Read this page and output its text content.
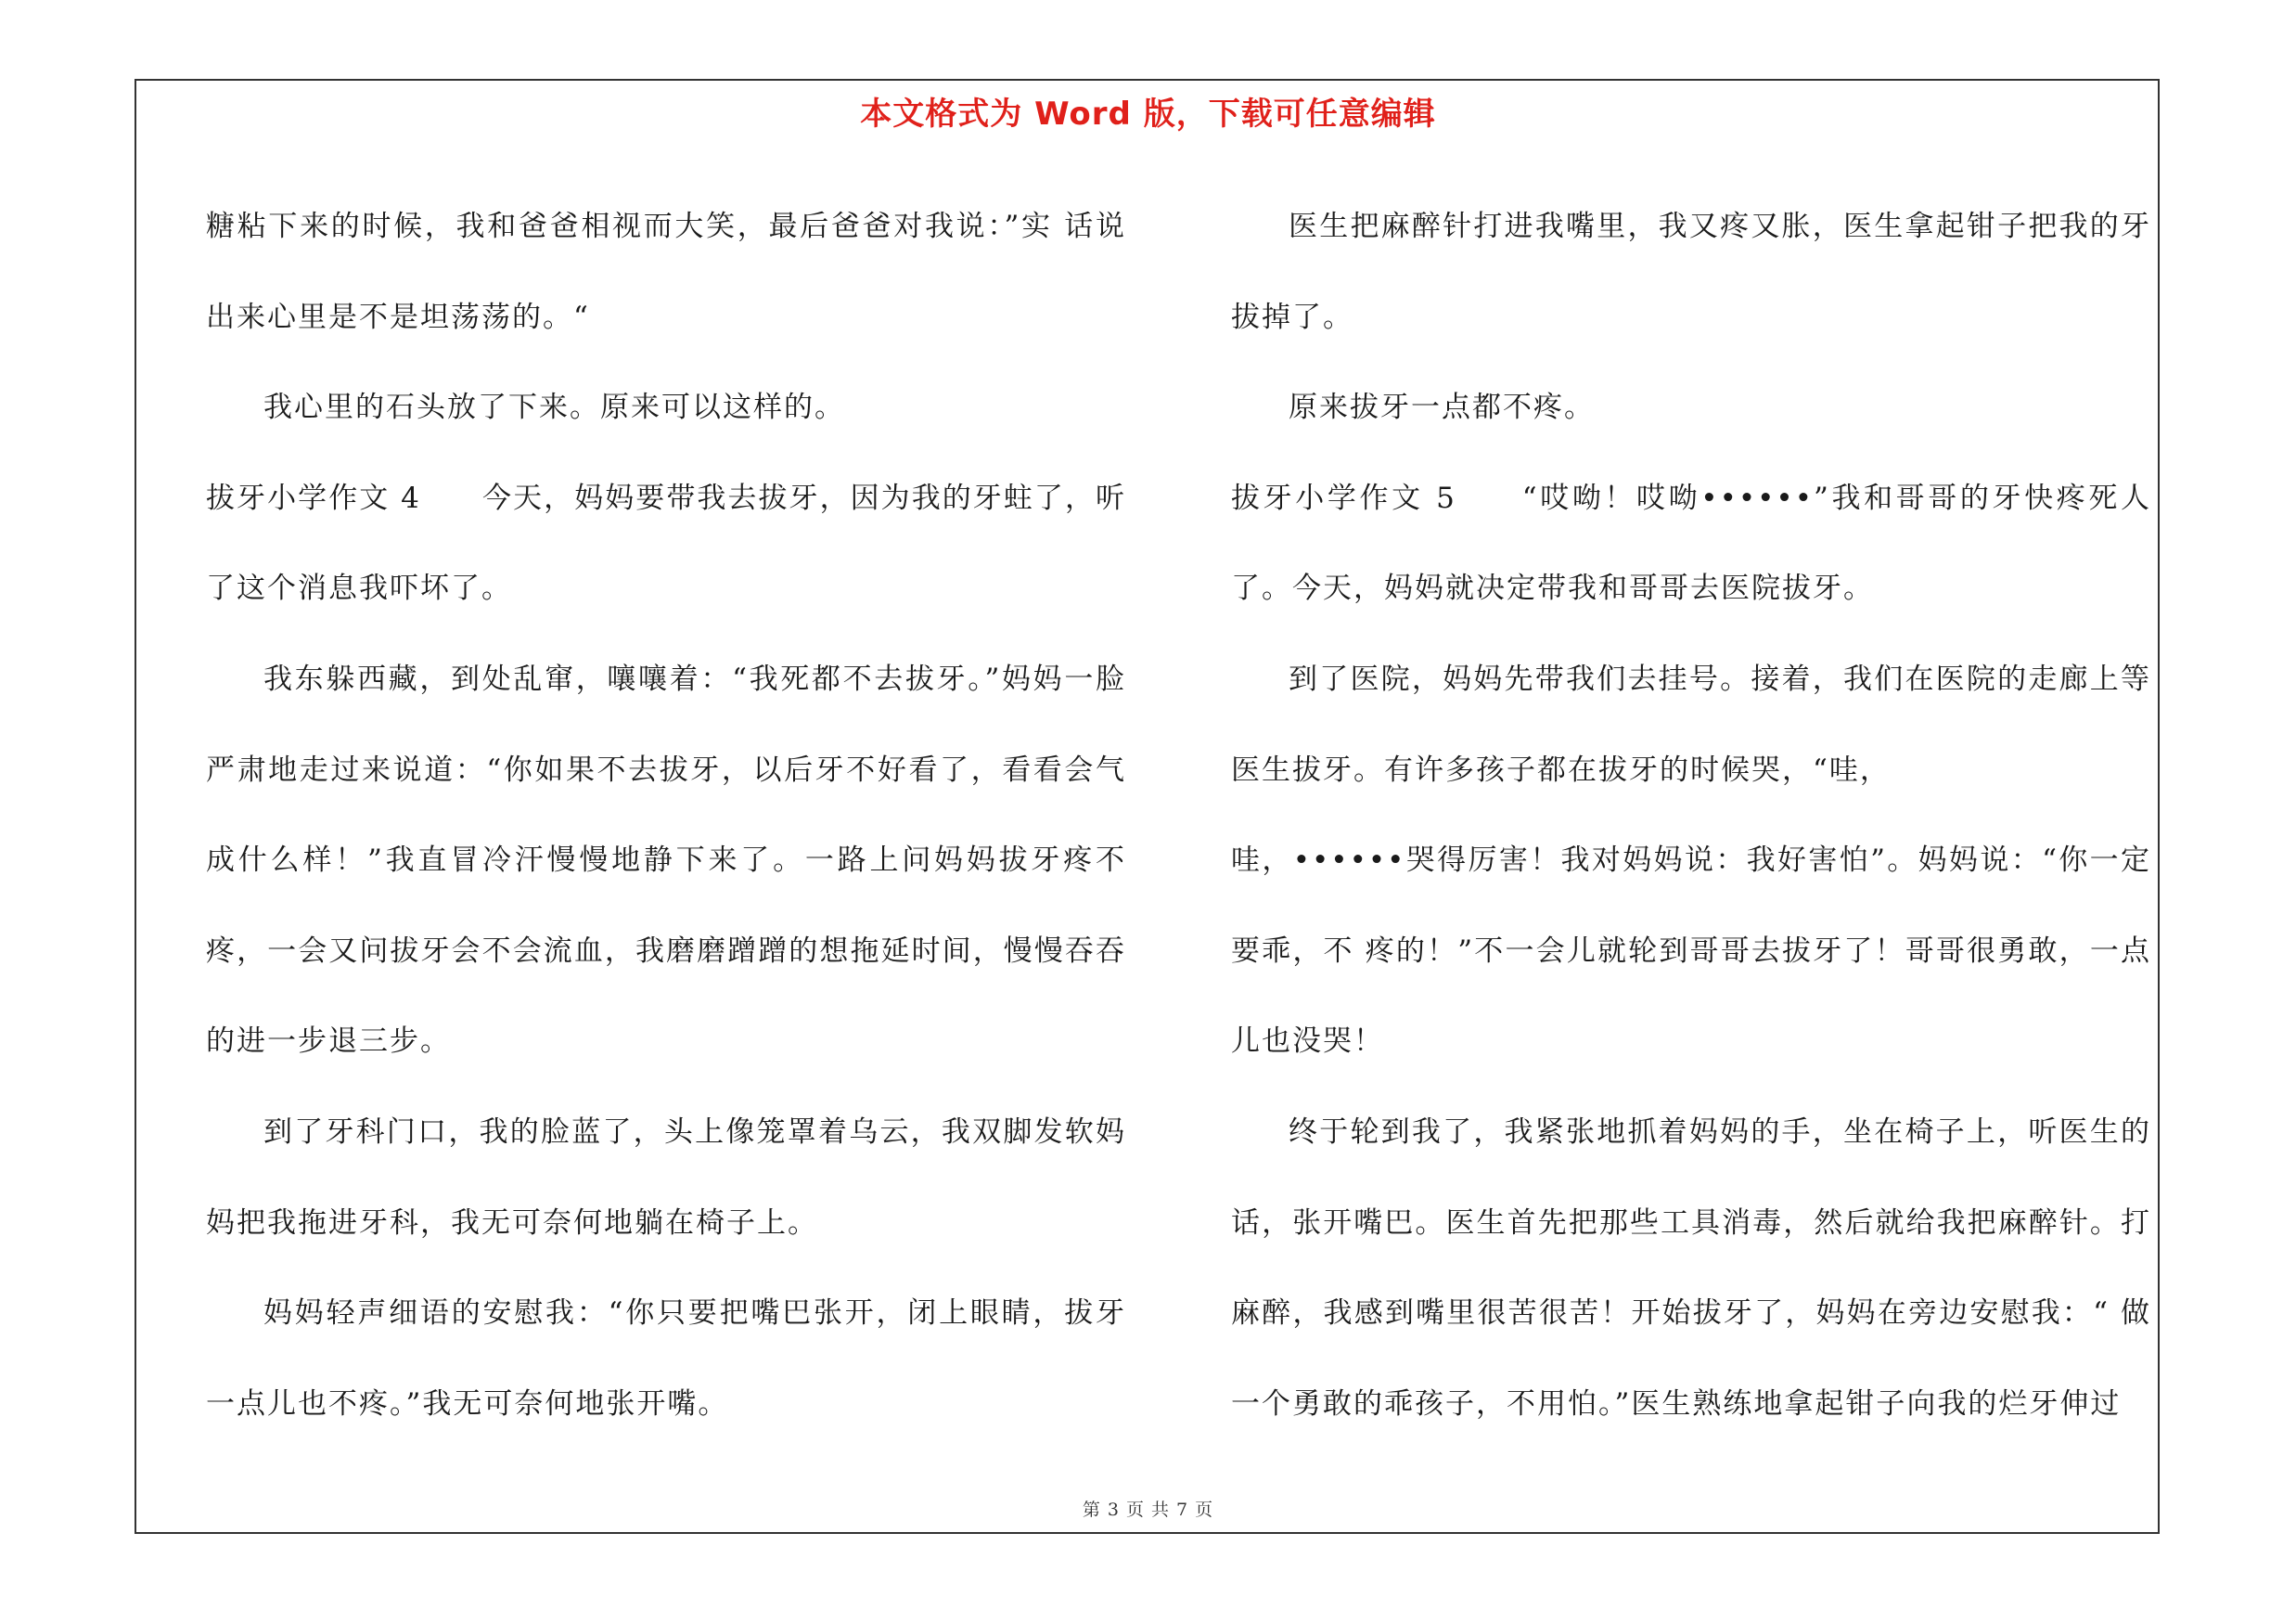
本文格式为 Word 版，下载可任意编辑

糖粘下来的时候，我和爸爸相视而大笑，最后爸爸对我说：”实 话说出来心里是不是坦荡荡的。“

我心里的石头放了下来。原来可以这样的。

拔牙小学作文 4　　今天，妈妈要带我去拔牙，因为我的牙蛀了，听了这个消息我吓坏了。

我东躲西藏，到处乱窜，嚷嚷着：“我死都不去拔牙。”妈妈一脸严肃地走过来说道：“你如果不去拔牙，以后牙不好看了，看看会气成什么样！”我直冒冷汗慢慢地静下来了。一路上问妈妈拔牙疼不疼，一会又问拔牙会不会流血，我磨磨蹭蹭的想拖延时间，慢慢吞吞的进一步退三步。

到了牙科门口，我的脸蓝了，头上像笼罩着乌云，我双脚发软妈妈把我拖进牙科，我无可奈何地躺在椅子上。

妈妈轻声细语的安慰我：“你只要把嘴巴张开，闭上眼睛，拔牙一点儿也不疼。”我无可奈何地张开嘴。

医生把麻醉针打进我嘴里，我又疼又胀，医生拿起钳子把我的牙拔掉了。

原来拔牙一点都不疼。

拔牙小学作文 5　　“哎呦！哎呦••••••”我和哥哥的牙快疼死人了。今天，妈妈就决定带我和哥哥去医院拔牙。

到了医院，妈妈先带我们去挂号。接着，我们在医院的走廊上等医生拔牙。有许多孩子都在拔牙的时候哭，“哇，

哇，••••••哭得厉害！我对妈妈说：我好害怕”。妈妈说：“你一定要乖，不 疼的！”不一会儿就轮到哥哥去拔牙了！哥哥很勇敢，一点儿也没哭！

终于轮到我了，我紧张地抓着妈妈的手，坐在椅子上，听医生的话，张开嘴巴。医生首先把那些工具消毒，然后就给我把麻醉针。打麻醉，我感到嘴里很苦很苦！开始拔牙了，妈妈在旁边安慰我：“ 做一个勇敢的乖孩子，不用怕。”医生熟练地拿起钳子向我的烂牙伸过

第 3 页 共 7 页
